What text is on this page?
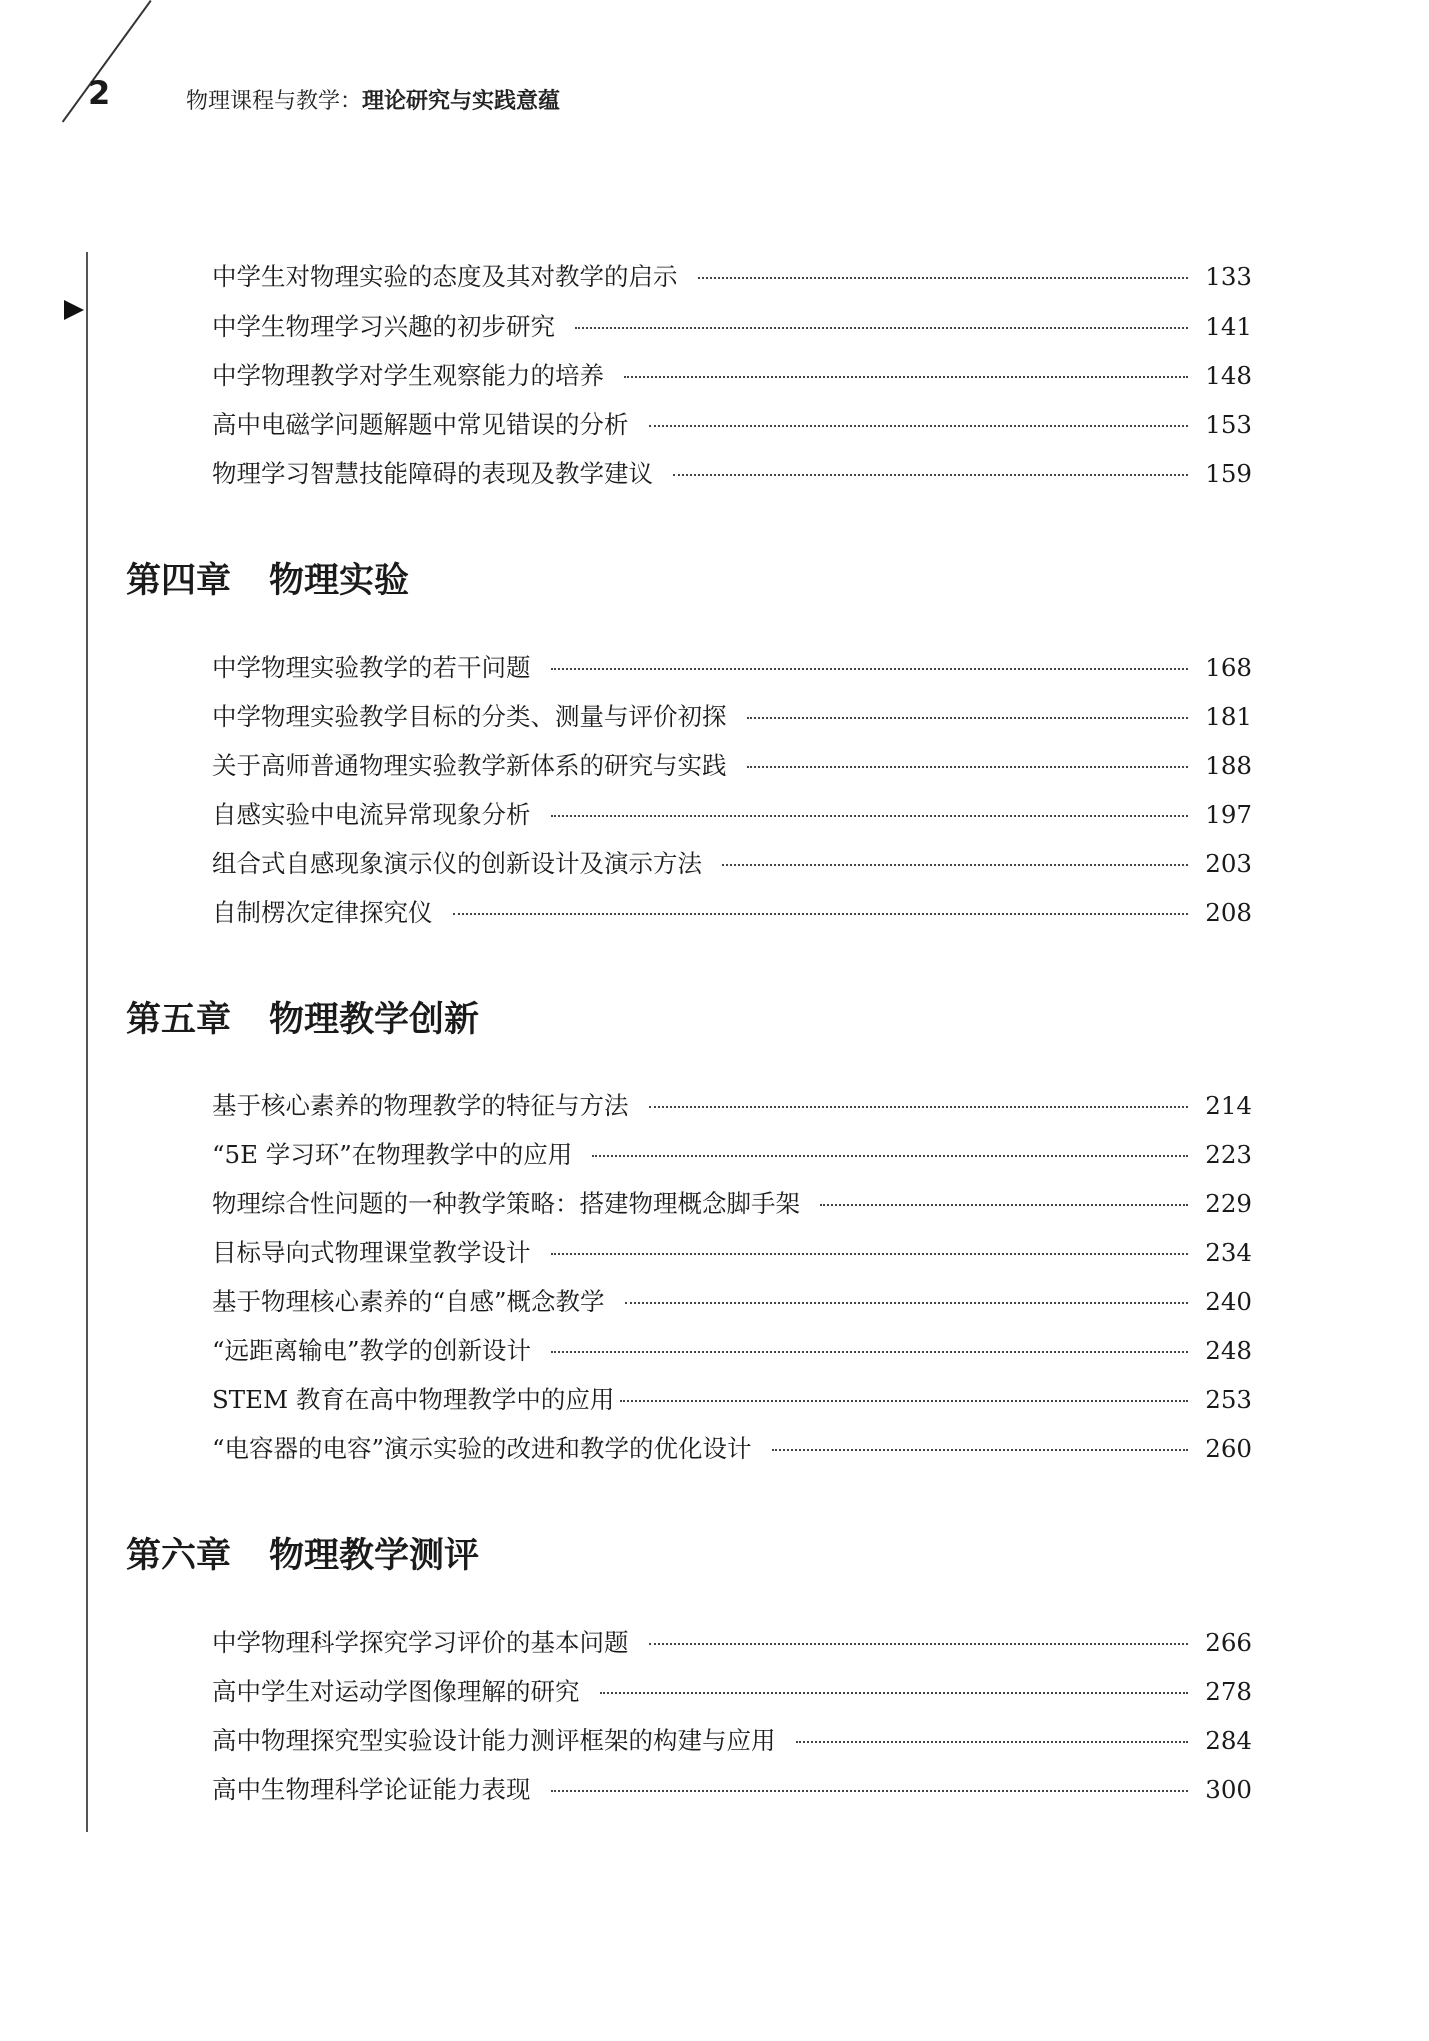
2	物理课程与教学：理论研究与实践意蕴
中学生对物理实验的态度及其对教学的启示	133
中学生物理学习兴趣的初步研究	141
中学物理教学对学生观察能力的培养	148
高中电磁学问题解题中常见错误的分析	153
物理学习智慧技能障碍的表现及教学建议	159
第四章 物理实验
中学物理实验教学的若干问题	168
中学物理实验教学目标的分类、测量与评价初探	181
关于高师普通物理实验教学新体系的研究与实践	188
自感实验中电流异常现象分析	197
组合式自感现象演示仪的创新设计及演示方法	203
自制楞次定律探究仪	208
第五章 物理教学创新
基于核心素养的物理教学的特征与方法	214
“5E 学习环”在物理教学中的应用	223
物理综合性问题的一种教学策略：搭建物理概念脚手架	229
目标导向式物理课堂教学设计	234
基于物理核心素养的“自感”概念教学	240
“远距离输电”教学的创新设计	248
STEM 教育在高中物理教学中的应用	253
“电容器的电容”演示实验的改进和教学的优化设计	260
第六章 物理教学测评
中学物理科学探究学习评价的基本问题	266
高中学生对运动学图像理解的研究	278
高中物理探究型实验设计能力测评框架的构建与应用	284
高中生物理科学论证能力表现	300
